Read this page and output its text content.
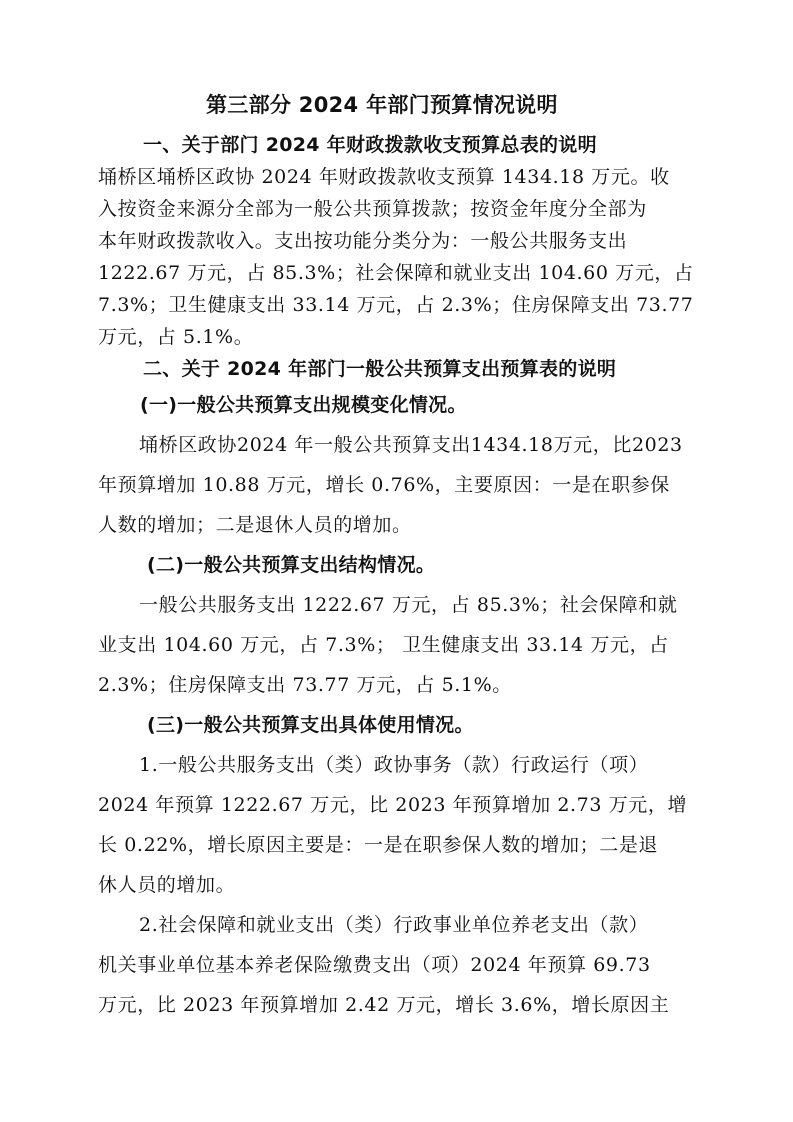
第三部分 2024 年部门预算情况说明
一、关于部门 2024 年财政拨款收支预算总表的说明
埇桥区埇桥区政协 2024 年财政拨款收支预算 1434.18 万元。收
入按资金来源分全部为一般公共预算拨款；按资金年度分全部为
本年财政拨款收入。支出按功能分类分为：一般公共服务支出
1222.67 万元，占 85.3%；社会保障和就业支出 104.60 万元，占
7.3%；卫生健康支出 33.14 万元，占 2.3%；住房保障支出 73.77
万元，占 5.1%。
二、关于 2024 年部门一般公共预算支出预算表的说明
(一)一般公共预算支出规模变化情况。
埇桥区政协2024 年一般公共预算支出1434.18万元，比2023
年预算增加 10.88 万元，增长 0.76%，主要原因：一是在职参保
人数的增加；二是退休人员的增加。
(二)一般公共预算支出结构情况。
一般公共服务支出 1222.67 万元，占 85.3%；社会保障和就
业支出 104.60 万元，占 7.3%； 卫生健康支出 33.14 万元，占
2.3%；住房保障支出 73.77 万元，占 5.1%。
(三)一般公共预算支出具体使用情况。
1.一般公共服务支出（类）政协事务（款）行政运行（项）
2024 年预算 1222.67 万元，比 2023 年预算增加 2.73 万元，增
长 0.22%，增长原因主要是：一是在职参保人数的增加；二是退
休人员的增加。
2.社会保障和就业支出（类）行政事业单位养老支出（款）
机关事业单位基本养老保险缴费支出（项）2024 年预算 69.73
万元，比 2023 年预算增加 2.42 万元，增长 3.6%，增长原因主
